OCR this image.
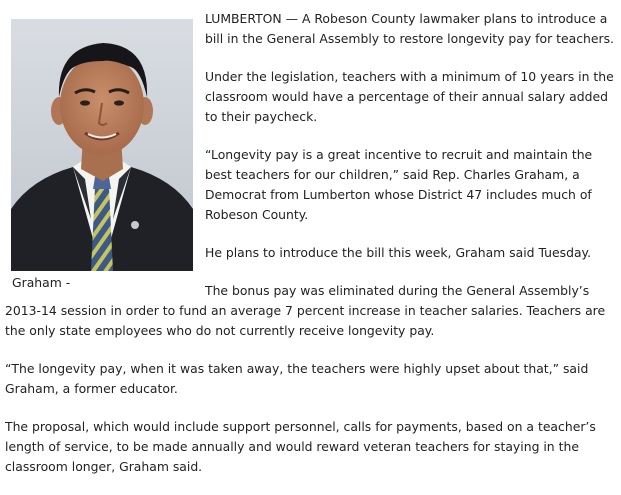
Graham -

LUMBERTON — A Robeson County lawmaker plans to introduce a bill in the General Assembly to restore longevity pay for teachers.

Under the legislation, teachers with a minimum of 10 years in the classroom would have a percentage of their annual salary added to their paycheck.

“Longevity pay is a great incentive to recruit and maintain the best teachers for our children,” said Rep. Charles Graham, a Democrat from Lumberton whose District 47 includes much of Robeson County.

He plans to introduce the bill this week, Graham said Tuesday.

The bonus pay was eliminated during the General Assembly’s 2013-14 session in order to fund an average 7 percent increase in teacher salaries. Teachers are the only state employees who do not currently receive longevity pay.

“The longevity pay, when it was taken away, the teachers were highly upset about that,” said Graham, a former educator.

The proposal, which would include support personnel, calls for payments, based on a teacher’s length of service, to be made annually and would reward veteran teachers for staying in the classroom longer, Graham said.
